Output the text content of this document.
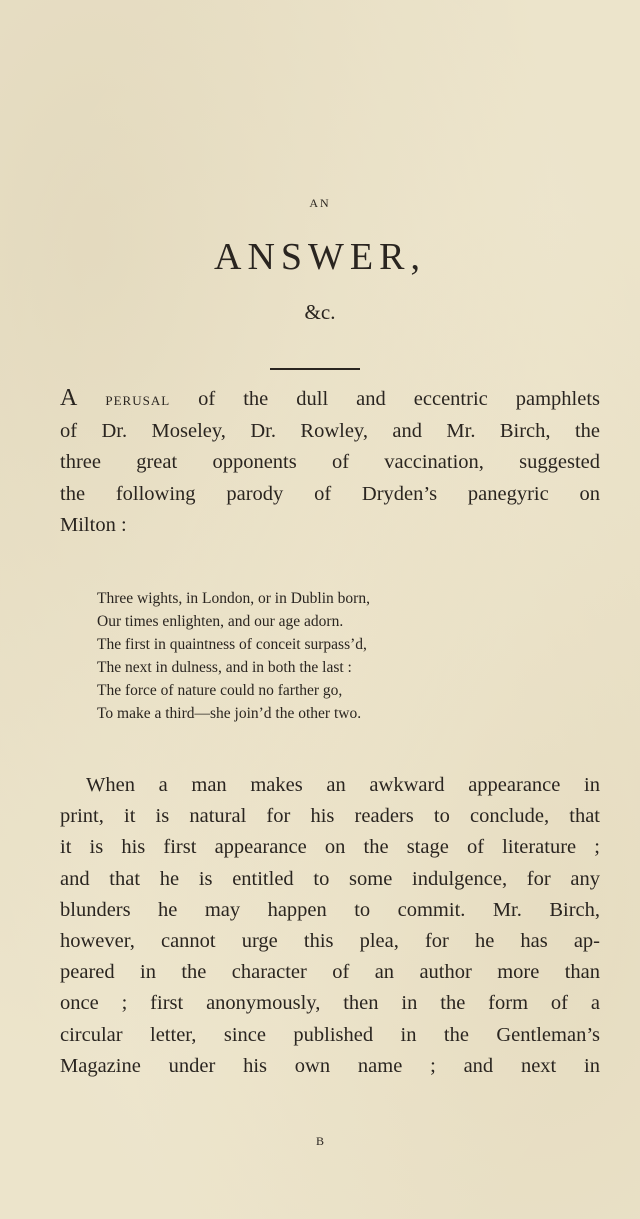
AN
ANSWER,
&c.
A PERUSAL of the dull and eccentric pamphlets
of Dr. Moseley, Dr. Rowley, and Mr. Birch, the
three great opponents of vaccination, suggested
the following parody of Dryden’s panegyric on
Milton :
Three wights, in London, or in Dublin born,
Our times enlighten, and our age adorn.
The first in quaintness of conceit surpass’d,
The next in dulness, and in both the last :
The force of nature could no farther go,
To make a third—she join’d the other two.
When a man makes an awkward appearance in
print, it is natural for his readers to conclude, that
it is his first appearance on the stage of literature ;
and that he is entitled to some indulgence, for any
blunders he may happen to commit. Mr. Birch,
however, cannot urge this plea, for he has ap-
peared in the character of an author more than
once ; first anonymously, then in the form of a
circular letter, since published in the Gentleman’s
Magazine under his own name ; and next in
B
